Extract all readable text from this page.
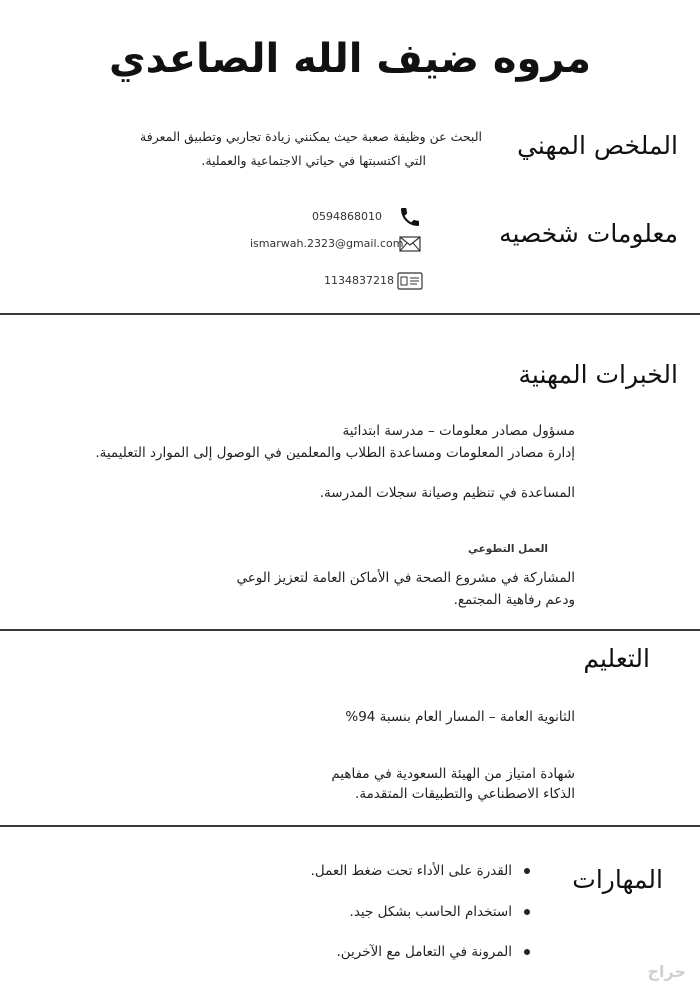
مروه ضيف الله الصاعدي
الملخص المهني
البحث عن وظيفة صعبة حيث يمكنني زيادة تجاربي وتطبيق المعرفة
التي اكتسبتها في حياتي الاجتماعية والعملية.
معلومات شخصيه
0594868010
ismarwah.2323@gmail.com
1134837218
الخبرات المهنية
مسؤول مصادر معلومات – مدرسة ابتدائية
إدارة مصادر المعلومات ومساعدة الطلاب والمعلمين في الوصول إلى الموارد التعليمية.
المساعدة في تنظيم وصيانة سجلات المدرسة.
العمل التطوعي
المشاركة في مشروع الصحة في الأماكن العامة لتعزيز الوعي
ودعم رفاهية المجتمع.
التعليم
الثانوية العامة – المسار العام بنسبة 94%
شهادة امتياز من الهيئة السعودية في مفاهيم
الذكاء الاصطناعي والتطبيقات المتقدمة.
المهارات
القدرة على الأداء تحت ضغط العمل.
استخدام الحاسب بشكل جيد.
المرونة في التعامل مع الآخرين.
حراج
